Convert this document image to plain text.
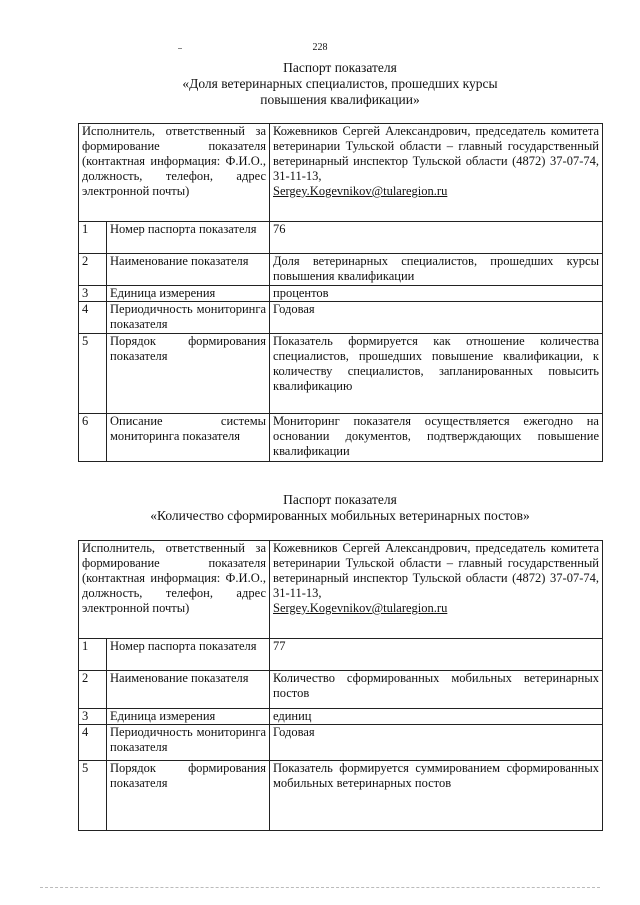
228
Паспорт показателя
«Доля ветеринарных специалистов, прошедших курсы
повышения квалификации»
Исполнитель, ответственный за формирование показателя (контактная информация: Ф.И.О., должность, телефон, адрес электронной почты)		Кожевников Сергей Александрович, председатель комитета ветеринарии Тульской области – главный государственный ветеринарный инспектор Тульской области (4872) 37-07-74, 31-11-13,
Sergey.Kogevnikov@tularegion.ru
1	Номер паспорта показателя	76
2	Наименование показателя	Доля ветеринарных специалистов, прошедших курсы повышения квалификации
3	Единица измерения	процентов
4	Периодичность мониторинга показателя	Годовая
5	Порядок формирования показателя	Показатель формируется как отношение количества специалистов, прошедших повышение квалификации, к количеству специалистов, запланированных повысить квалификацию
6	Описание системы мониторинга показателя	Мониторинг показателя осуществляется ежегодно на основании документов, подтверждающих повышение квалификации
Паспорт показателя
«Количество сформированных мобильных ветеринарных постов»
Исполнитель, ответственный за формирование показателя (контактная информация: Ф.И.О., должность, телефон, адрес электронной почты)		Кожевников Сергей Александрович, председатель комитета ветеринарии Тульской области – главный государственный ветеринарный инспектор Тульской области (4872) 37-07-74, 31-11-13,
Sergey.Kogevnikov@tularegion.ru
1	Номер паспорта показателя	77
2	Наименование показателя	Количество сформированных мобильных ветеринарных постов
3	Единица измерения	единиц
4	Периодичность мониторинга показателя	Годовая
5	Порядок формирования показателя	Показатель формируется суммированием сформированных мобильных ветеринарных постов
